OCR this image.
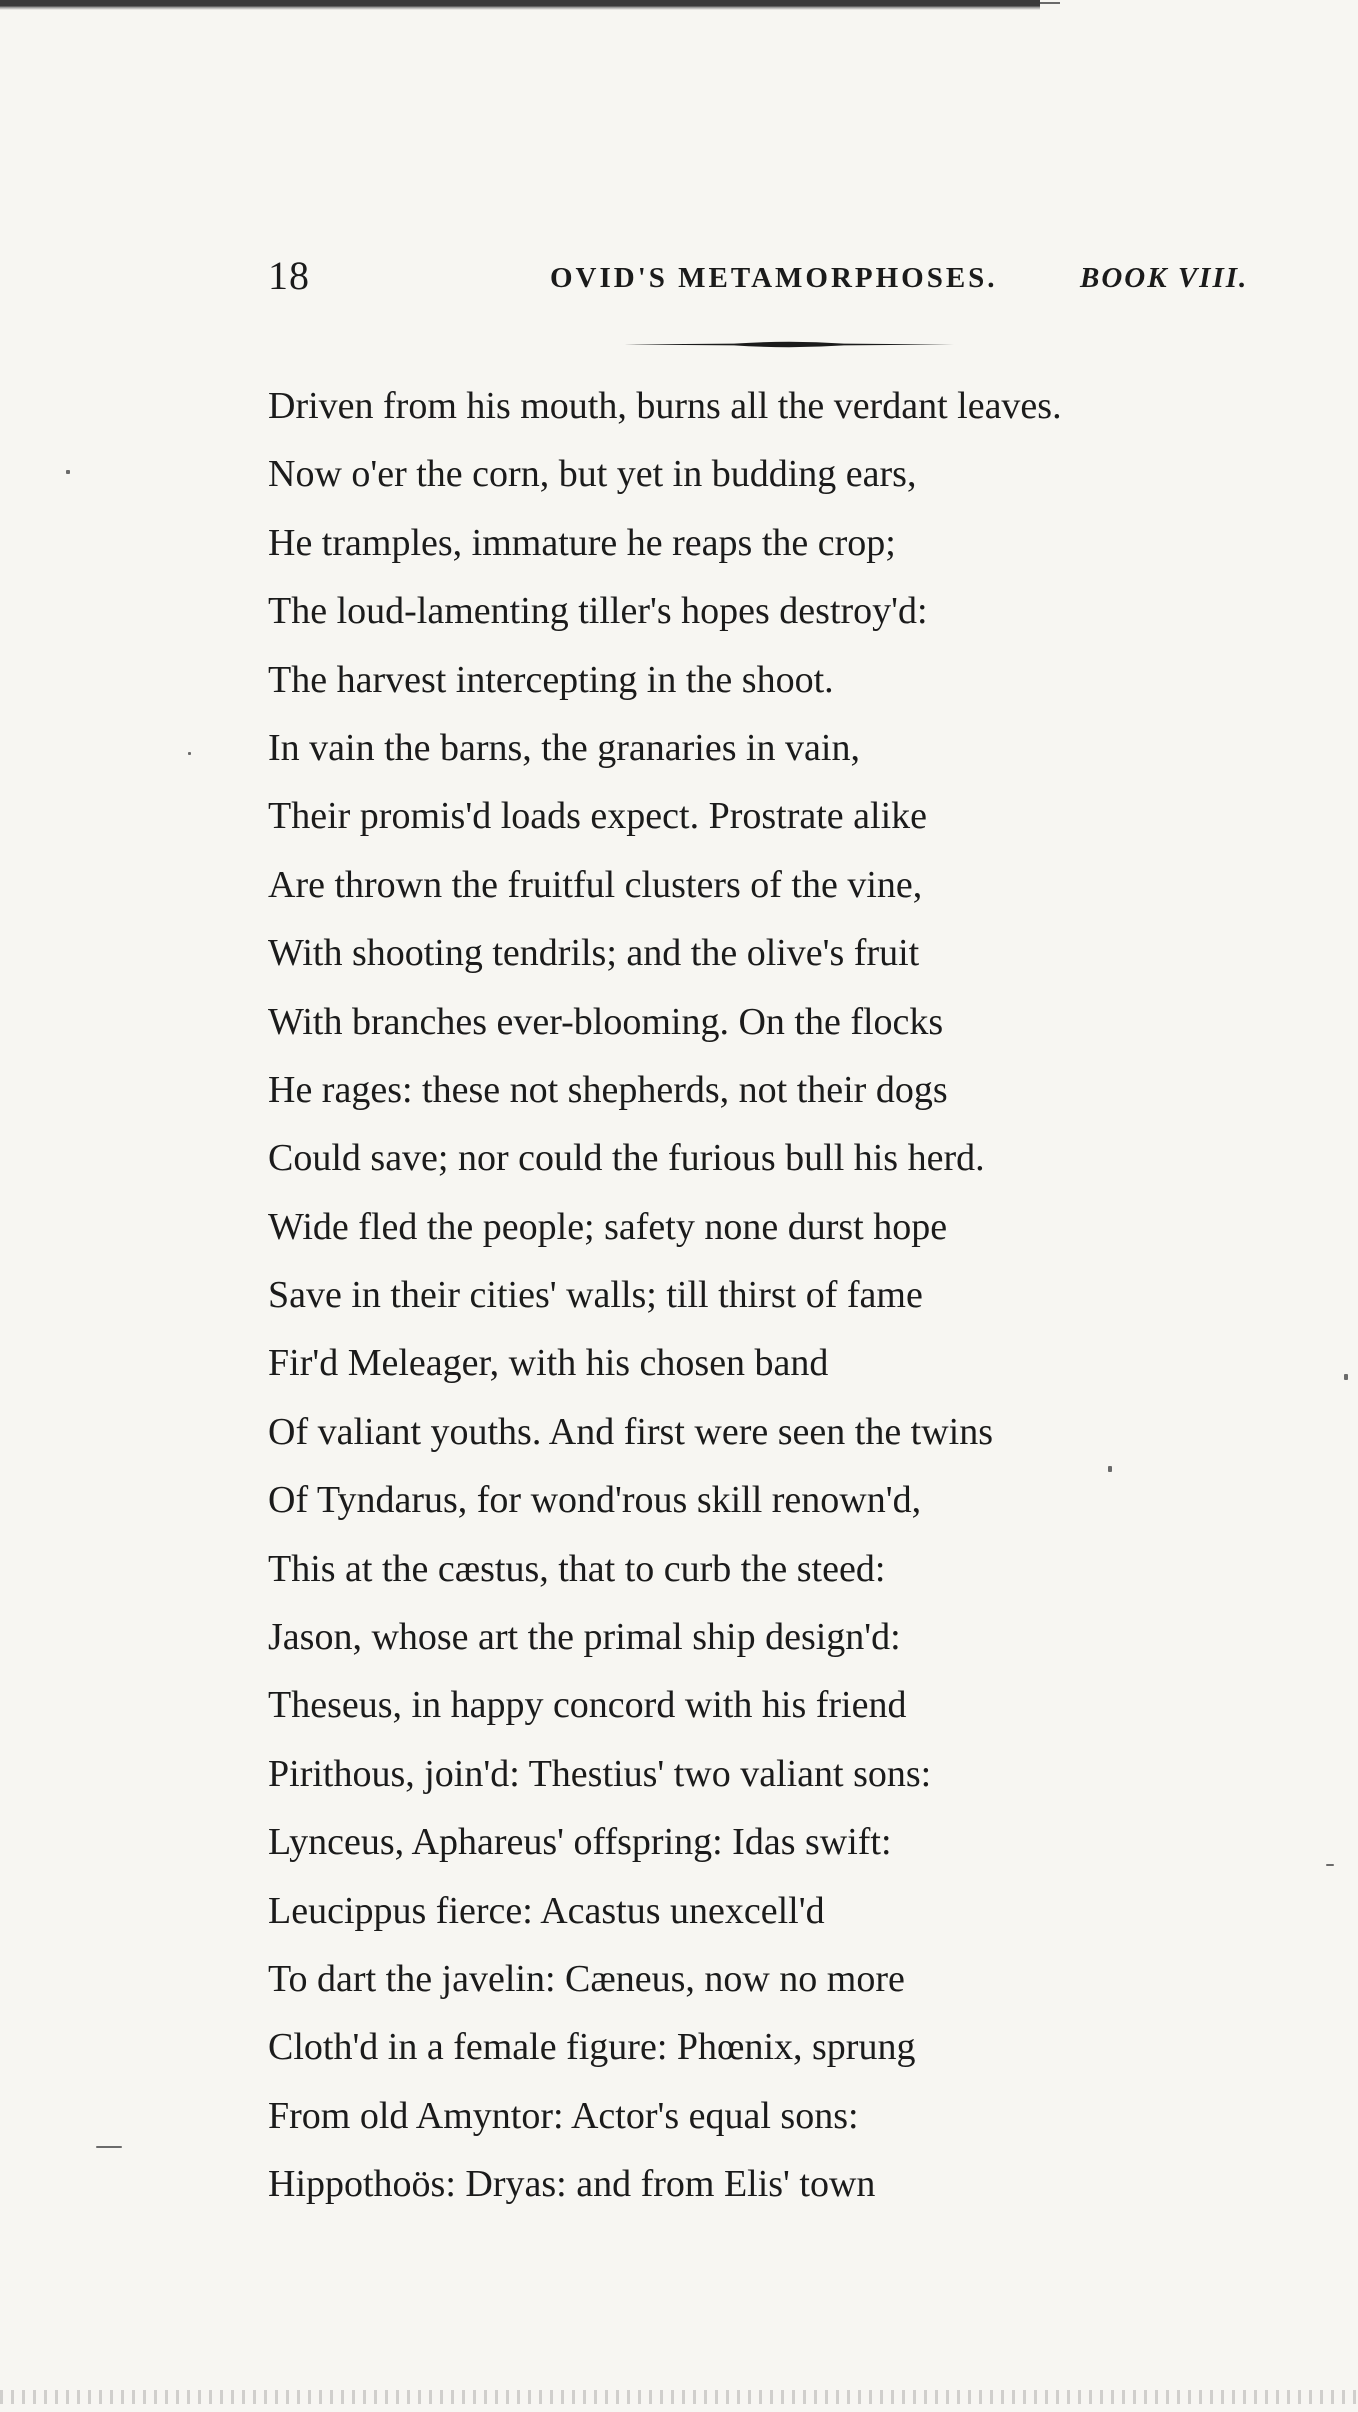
18	OVID'S METAMORPHOSES.	BOOK VIII.
Driven from his mouth, burns all the verdant leaves.
Now o'er the corn, but yet in budding ears,
He tramples, immature he reaps the crop;
The loud-lamenting tiller's hopes destroy'd:
The harvest intercepting in the shoot.
In vain the barns, the granaries in vain,
Their promis'd loads expect. Prostrate alike
Are thrown the fruitful clusters of the vine,
With shooting tendrils; and the olive's fruit
With branches ever-blooming. On the flocks
He rages: these not shepherds, not their dogs
Could save; nor could the furious bull his herd.
Wide fled the people; safety none durst hope
Save in their cities' walls; till thirst of fame
Fir'd Meleager, with his chosen band
Of valiant youths. And first were seen the twins
Of Tyndarus, for wond'rous skill renown'd,
This at the cæstus, that to curb the steed:
Jason, whose art the primal ship design'd:
Theseus, in happy concord with his friend
Pirithous, join'd: Thestius' two valiant sons:
Lynceus, Aphareus' offspring: Idas swift:
Leucippus fierce: Acastus unexcell'd
To dart the javelin: Cæneus, now no more
Cloth'd in a female figure: Phœnix, sprung
From old Amyntor: Actor's equal sons:
Hippothoös: Dryas: and from Elis' town
